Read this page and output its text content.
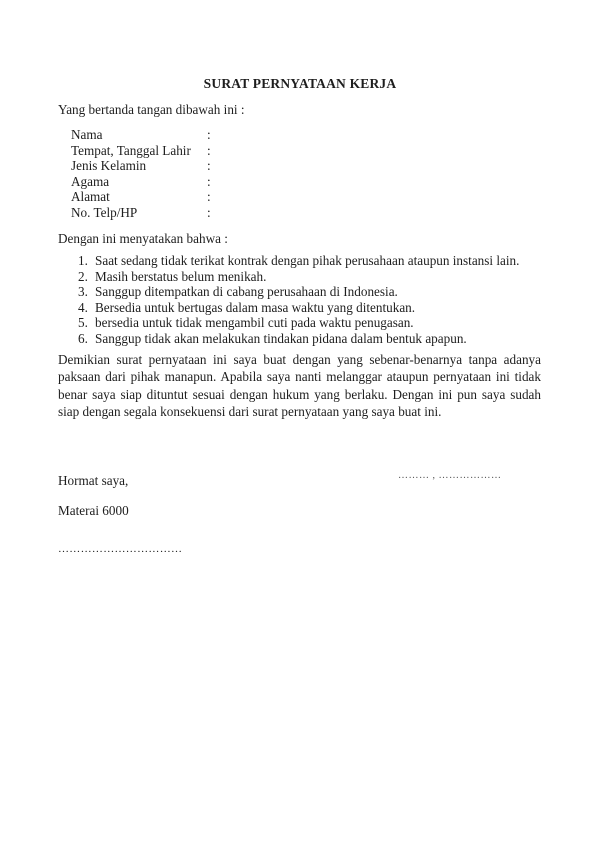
SURAT PERNYATAAN KERJA
Yang bertanda tangan dibawah ini :
Nama	:
Tempat, Tanggal Lahir :
Jenis Kelamin	:
Agama	:
Alamat	:
No. Telp/HP	:
Dengan ini menyatakan bahwa :
1. Saat sedang tidak terikat kontrak dengan pihak perusahaan ataupun instansi lain.
2. Masih berstatus belum menikah.
3. Sanggup ditempatkan di cabang perusahaan di Indonesia.
4. Bersedia untuk bertugas dalam masa waktu yang ditentukan.
5. bersedia untuk tidak mengambil cuti pada waktu penugasan.
6. Sanggup tidak akan melakukan tindakan pidana dalam bentuk apapun.
Demikian surat pernyataan ini saya buat dengan yang sebenar-benarnya tanpa adanya paksaan dari pihak manapun. Apabila saya nanti melanggar ataupun pernyataan ini tidak benar saya siap dituntut sesuai dengan hukum yang berlaku. Dengan ini pun saya sudah siap dengan segala konsekuensi dari surat pernyataan yang saya buat ini.
Hormat saya,	……… , ………………
Materai 6000
……………………………
